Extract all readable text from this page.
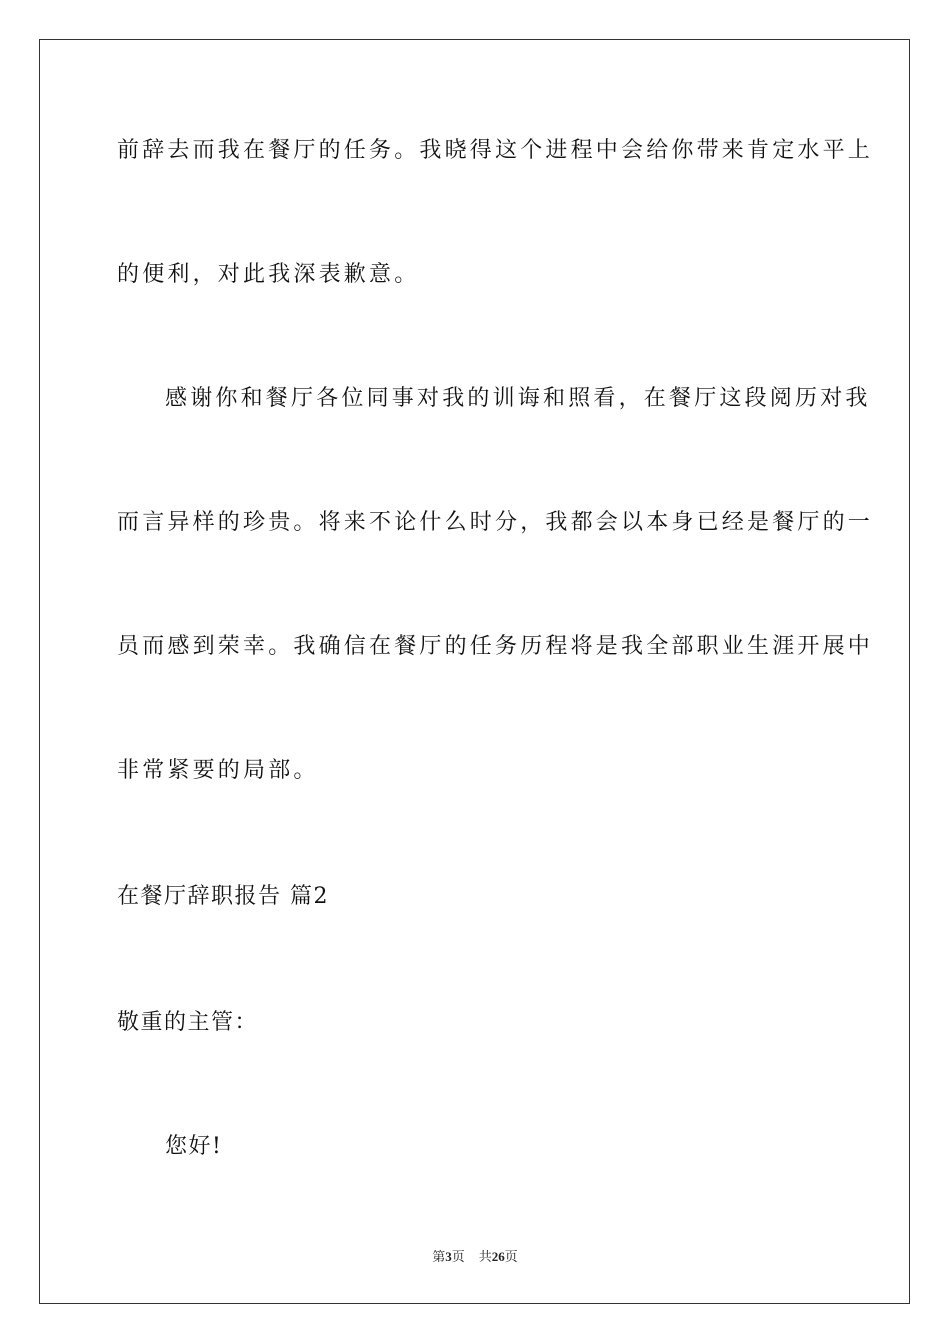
前辞去而我在餐厅的任务。我晓得这个进程中会给你带来肯定水平上
的便利，对此我深表歉意。
感谢你和餐厅各位同事对我的训诲和照看，在餐厅这段阅历对我
而言异样的珍贵。将来不论什么时分，我都会以本身已经是餐厅的一
员而感到荣幸。我确信在餐厅的任务历程将是我全部职业生涯开展中
非常紧要的局部。
在餐厅辞职报告 篇2
敬重的主管：
您好!
第3页 共26页
